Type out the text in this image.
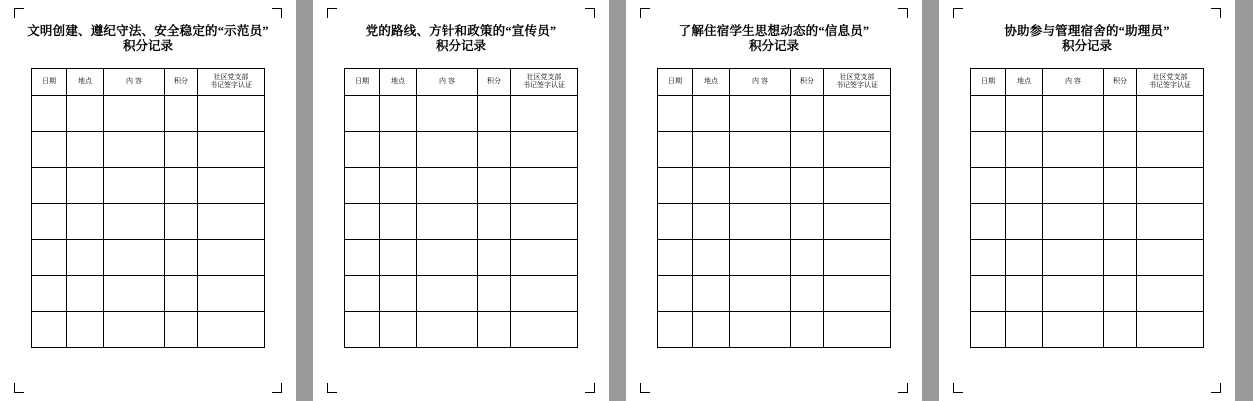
文明创建、遵纪守法、安全稳定的“示范员”
积分记录
日期	地点	内 容	积分	社区党支部
书记签字认证

党的路线、方针和政策的“宣传员”
积分记录
日期	地点	内 容	积分	社区党支部
书记签字认证

了解住宿学生思想动态的“信息员”
积分记录
日期	地点	内 容	积分	社区党支部
书记签字认证

协助参与管理宿舍的“助理员”
积分记录
日期	地点	内 容	积分	社区党支部
书记签字认证
